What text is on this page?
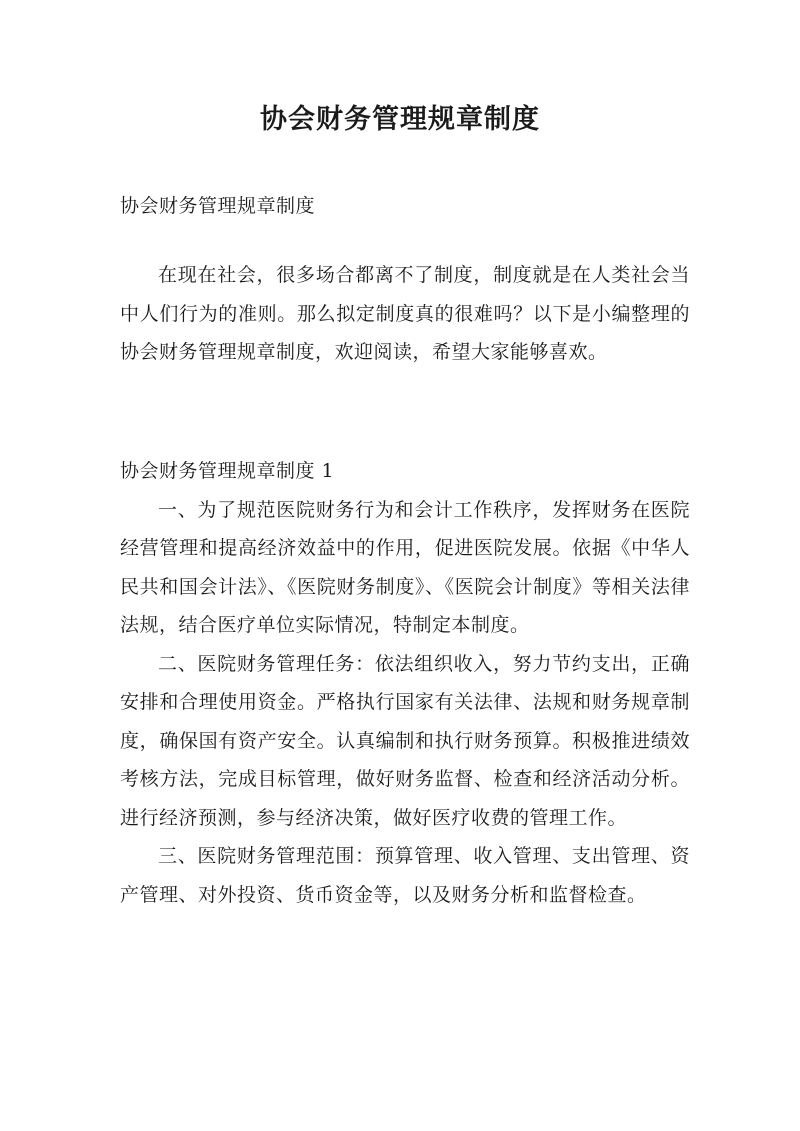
协会财务管理规章制度

协会财务管理规章制度

在现在社会，很多场合都离不了制度，制度就是在人类社会当中人们行为的准则。那么拟定制度真的很难吗？以下是小编整理的协会财务管理规章制度，欢迎阅读，希望大家能够喜欢。

协会财务管理规章制度 1

一、为了规范医院财务行为和会计工作秩序，发挥财务在医院经营管理和提高经济效益中的作用，促进医院发展。依据《中华人民共和国会计法》、《医院财务制度》、《医院会计制度》等相关法律法规，结合医疗单位实际情况，特制定本制度。

二、医院财务管理任务：依法组织收入，努力节约支出，正确安排和合理使用资金。严格执行国家有关法律、法规和财务规章制度，确保国有资产安全。认真编制和执行财务预算。积极推进绩效考核方法，完成目标管理，做好财务监督、检查和经济活动分析。进行经济预测，参与经济决策，做好医疗收费的管理工作。

三、医院财务管理范围：预算管理、收入管理、支出管理、资产管理、对外投资、货币资金等，以及财务分析和监督检查。
